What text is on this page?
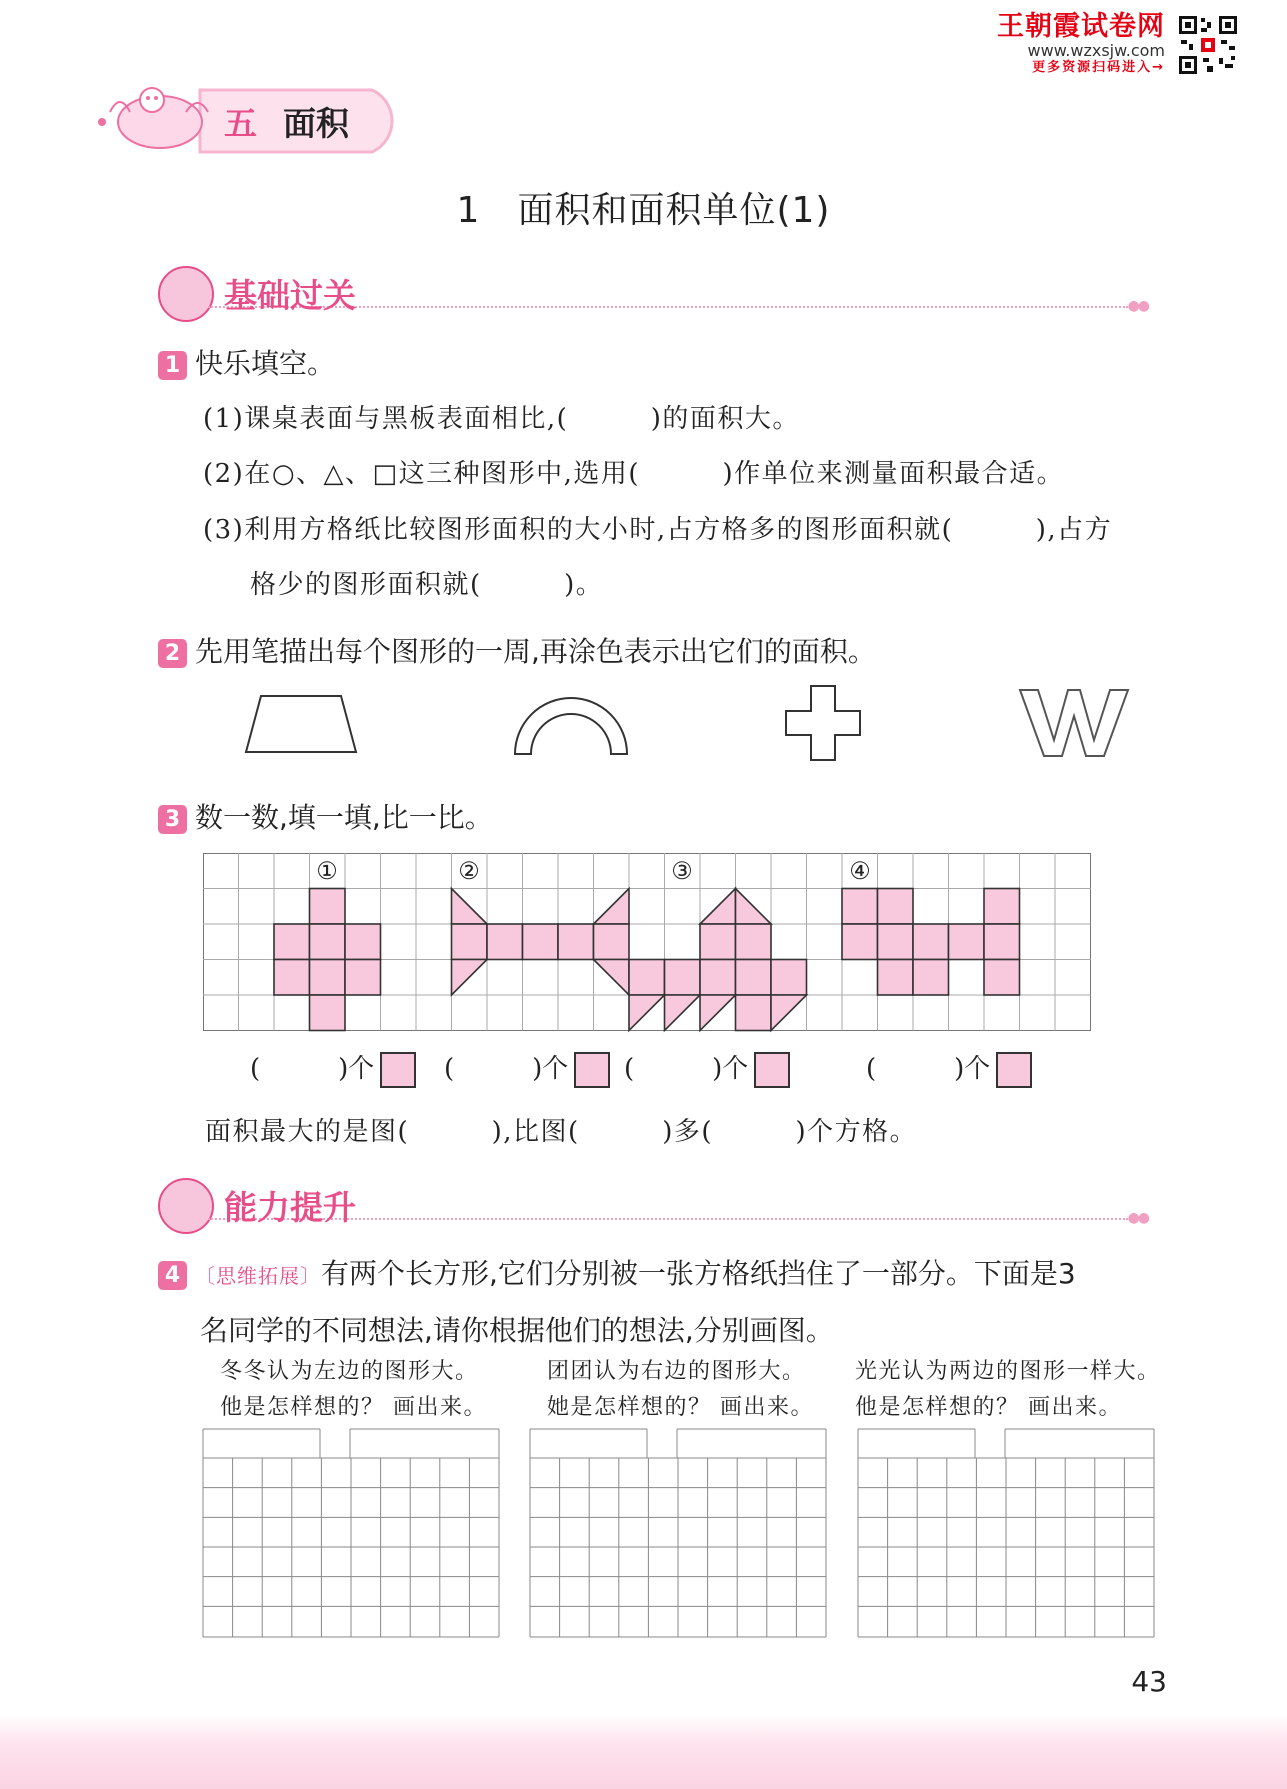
王朝霞试卷网
www.wzxsjw.com
更多资源扫码进入→
五 面积
1　面积和面积单位(1)
基础过关	●●
1 快乐填空。
(1)课桌表面与黑板表面相比,(　　　)的面积大。
(2)在○、△、□这三种图形中,选用(　　　)作单位来测量面积最合适。
(3)利用方格纸比较图形面积的大小时,占方格多的图形面积就(　　　),占方
格少的图形面积就(　　　)。
2 先用笔描出每个图形的一周,再涂色表示出它们的面积。
3 数一数,填一填,比一比。
①	②	③	④
(　　　)个	(　　　)个	(　　　)个	(　　　)个
面积最大的是图(　　　),比图(　　　)多(　　　)个方格。
能力提升	●●
4 〔思维拓展〕有两个长方形,它们分别被一张方格纸挡住了一部分。下面是3
名同学的不同想法,请你根据他们的想法,分别画图。
冬冬认为左边的图形大。
他是怎样想的？ 画出来。
团团认为右边的图形大。
她是怎样想的？ 画出来。
光光认为两边的图形一样大。
他是怎样想的？ 画出来。
43
